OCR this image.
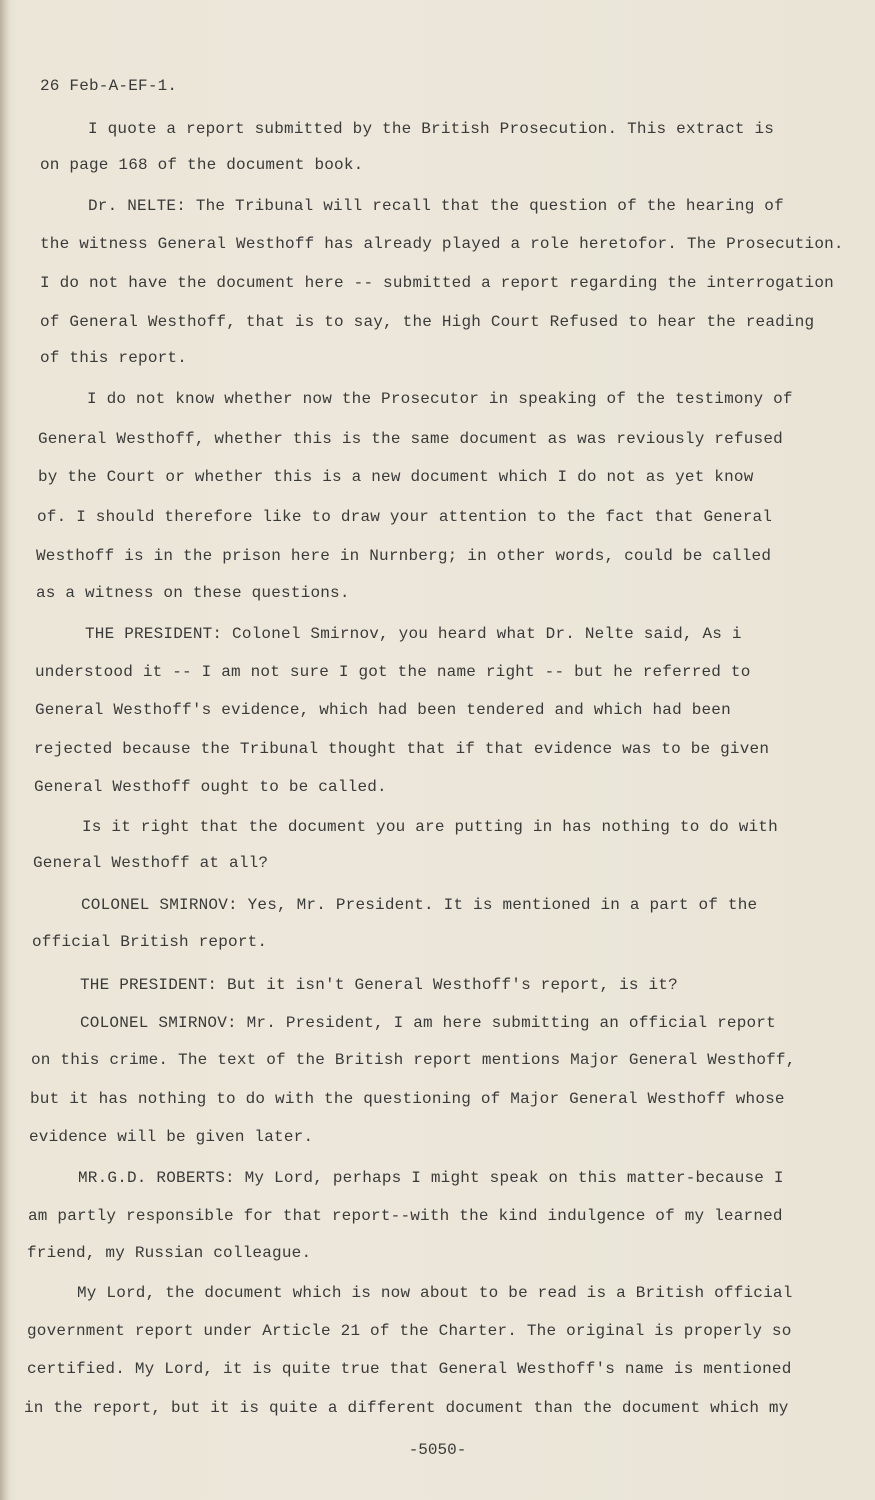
26 Feb-A-EF-1.
I quote a report submitted by the British Prosecution. This extract is
on page 168 of the document book.
Dr. NELTE: The Tribunal will recall that the question of the hearing of
the witness General Westhoff has already played a role heretofor. The Prosecution.
I do not have the document here -- submitted a report regarding the interrogation
of General Westhoff, that is to say, the High Court Refused to hear the reading
of this report.
I do not know whether now the Prosecutor in speaking of the testimony of
General Westhoff, whether this is the same document as was reviously refused
by the Court or whether this is a new document which I do not as yet know
of. I should therefore like to draw your attention to the fact that General
Westhoff is in the prison here in Nurnberg; in other words, could be called
as a witness on these questions.
THE PRESIDENT: Colonel Smirnov, you heard what Dr. Nelte said, As i
understood it -- I am not sure I got the name right -- but he referred to
General Westhoff's evidence, which had been tendered and which had been
rejected because the Tribunal thought that if that evidence was to be given
General Westhoff ought to be called.
Is it right that the document you are putting in has nothing to do with
General Westhoff at all?
COLONEL SMIRNOV: Yes, Mr. President. It is mentioned in a part of the
official British report.
THE PRESIDENT: But it isn't General Westhoff's report, is it?
COLONEL SMIRNOV: Mr. President, I am here submitting an official report
on this crime. The text of the British report mentions Major General Westhoff,
but it has nothing to do with the questioning of Major General Westhoff whose
evidence will be given later.
MR.G.D. ROBERTS: My Lord, perhaps I might speak on this matter-because I
am partly responsible for that report--with the kind indulgence of my learned
friend, my Russian colleague.
My Lord, the document which is now about to be read is a British official
government report under Article 21 of the Charter. The original is properly so
certified. My Lord, it is quite true that General Westhoff's name is mentioned
in the report, but it is quite a different document than the document which my
-5050-
